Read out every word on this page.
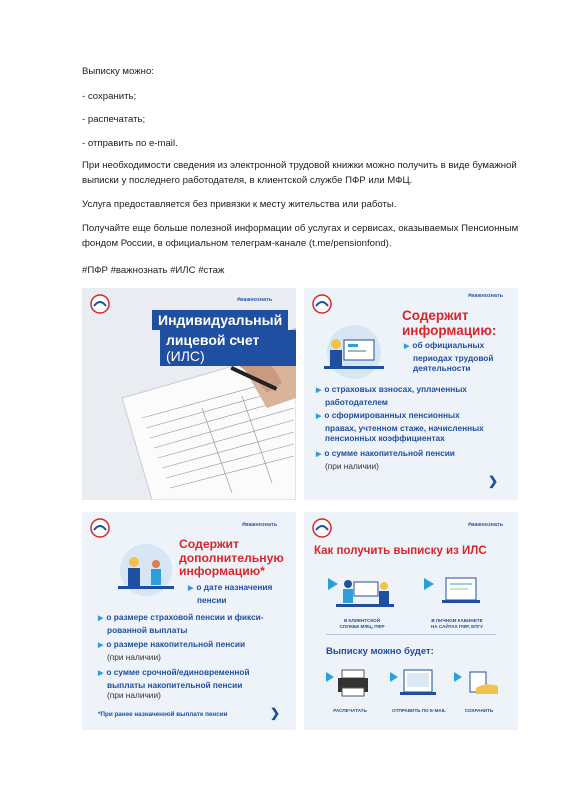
Выписку можно:
- сохранить;
- распечатать;
- отправить по e-mail.
При необходимости сведения из электронной трудовой книжки можно получить в виде бумажной выписки у последнего работодателя, в клиентской службе ПФР или МФЦ.
Услуга предоставляется без привязки к месту жительства или работы.
Получайте еще больше полезной информации об услугах и сервисах, оказываемых Пенсионным фондом России, в официальном телеграм-канале (t.me/pensionfond).
#ПФР #важнознать #ИЛС #стаж
#важнознать
Индивидуальный
лицевой счет (ИЛС)
#важнознать
Содержит
информацию:
▶ об официальных
периодах трудовой
деятельности
▶ о страховых взносах, уплаченных
работодателем
▶ о сформированных пенсионных
правах, учтенном стаже, начисленных
пенсионных коэффициентах
▶ о сумме накопительной пенсии
(при наличии)
❯
#важнознать
Содержит
дополнительную
информацию*
▶ о дате назначения
пенсии
▶ о размере страховой пенсии и фикси-
рованной выплаты
▶ о размере накопительной пенсии
(при наличии)
▶ о сумме срочной/единовременной
выплаты накопительной пенсии
(при наличии)
*При ранее назначенной выплате пенсии	❯
#важнознать
Как получить выписку из ИЛС
В КЛИЕНТСКОЙ
СЛУЖБЕ МФЦ, ПФР
В ЛИЧНОМ КАБИНЕТЕ
НА САЙТАХ ПФР, ЕПГУ
Выписку можно будет:
РАСПЕЧАТАТЬ	ОТПРАВИТЬ ПО E-MAIL	СОХРАНИТЬ
